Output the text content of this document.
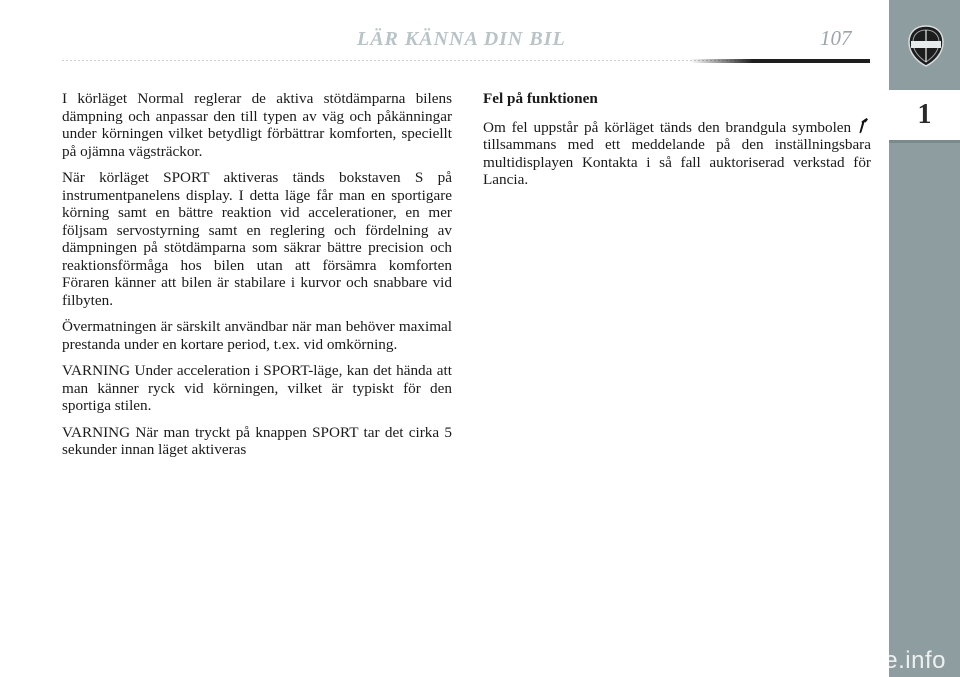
LÄR KÄNNA DIN BIL	107
1

I körläget Normal reglerar de aktiva stötdämparna bilens dämpning och anpassar den till typen av väg och påkänningar under körningen vilket betydligt förbättrar komforten, speciellt på ojämna vägsträckor.

När körläget SPORT aktiveras tänds bokstaven S på instrumentpanelens display. I detta läge får man en sportigare körning samt en bättre reaktion vid accelerationer, en mer följsam servostyrning samt en reglering och fördelning av dämpningen på stötdämparna som säkrar bättre precision och reaktionsförmåga hos bilen utan att försämra komforten Föraren känner att bilen är stabilare i kurvor och snabbare vid filbyten.

Övermatningen är särskilt användbar när man behöver maximal prestanda under en kortare period, t.ex. vid omkörning.

VARNING Under acceleration i SPORT-läge, kan det hända att man känner ryck vid körningen, vilket är typiskt för den sportiga stilen.

VARNING När man tryckt på knappen SPORT tar det cirka 5 sekunder innan läget aktiveras

Fel på funktionen

Om fel uppstår på körläget tänds den brandgula symbolen  tillsammans med ett meddelande på den inställningsbara multidisplayen Kontakta i så fall auktoriserad verkstad för Lancia.

carmanualsonline.info
